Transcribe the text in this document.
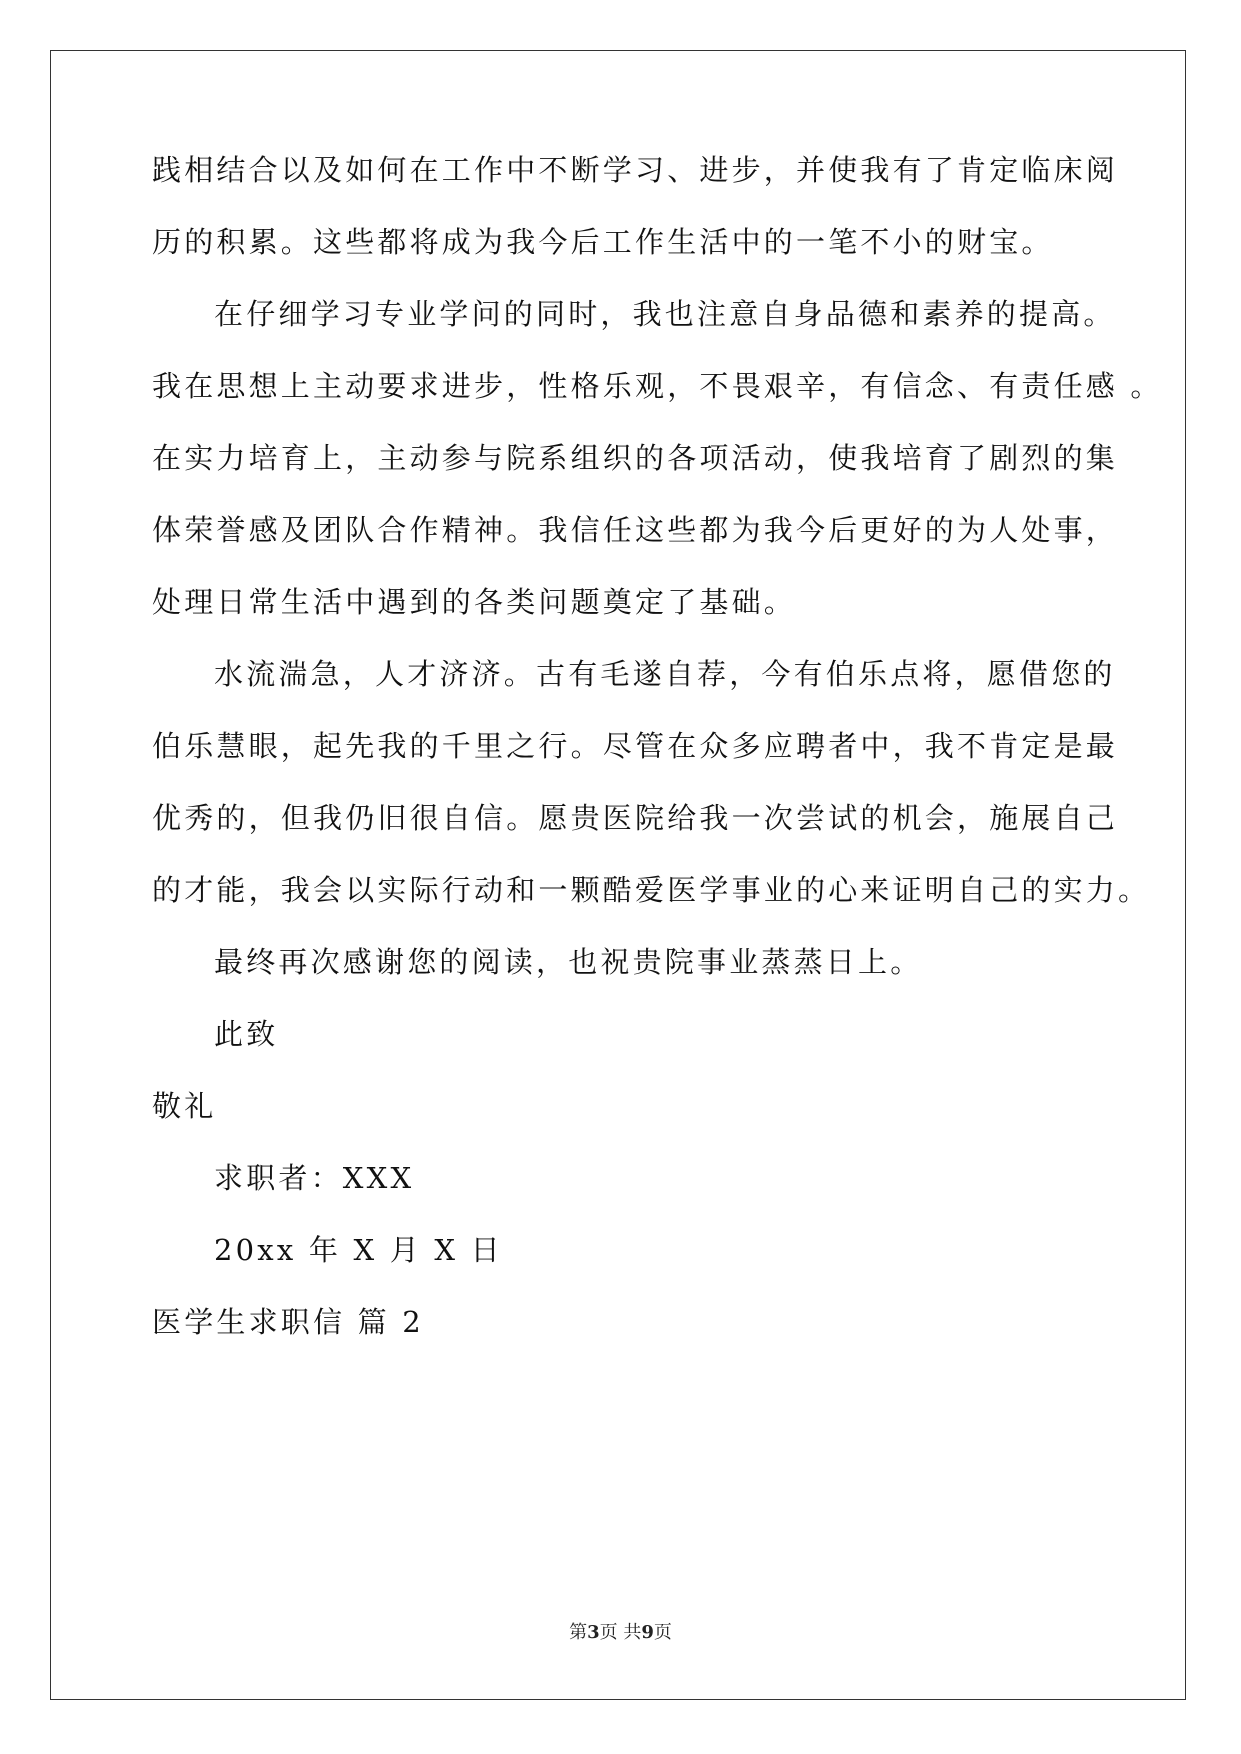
践相结合以及如何在工作中不断学习、进步，并使我有了肯定临床阅
历的积累。这些都将成为我今后工作生活中的一笔不小的财宝。
在仔细学习专业学问的同时，我也注意自身品德和素养的提高。
我在思想上主动要求进步，性格乐观，不畏艰辛，有信念、有责任感 。
在实力培育上，主动参与院系组织的各项活动，使我培育了剧烈的集
体荣誉感及团队合作精神。我信任这些都为我今后更好的为人处事，
处理日常生活中遇到的各类问题奠定了基础。
水流湍急，人才济济。古有毛遂自荐，今有伯乐点将，愿借您的
伯乐慧眼，起先我的千里之行。尽管在众多应聘者中，我不肯定是最
优秀的，但我仍旧很自信。愿贵医院给我一次尝试的机会，施展自己
的才能，我会以实际行动和一颗酷爱医学事业的心来证明自己的实力。
最终再次感谢您的阅读，也祝贵院事业蒸蒸日上。
此致
敬礼
求职者：XXX
20xx 年 X 月 X 日
医学生求职信 篇 2
第3页 共9页
